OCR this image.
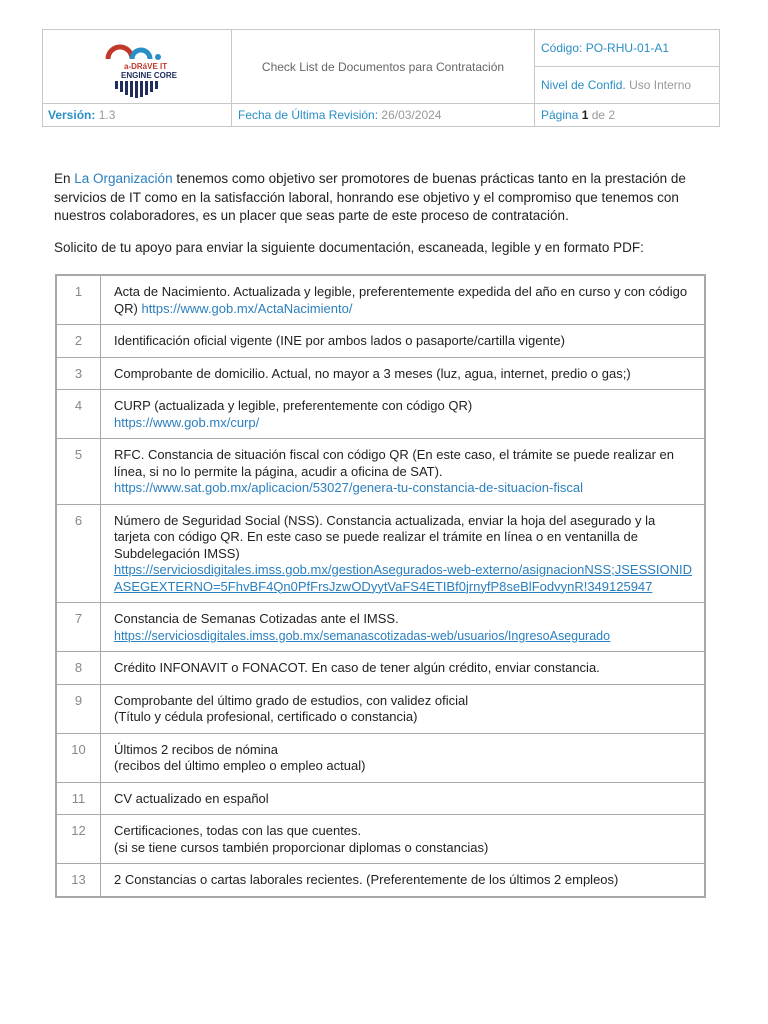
a-DRáVE IT
ENGINE CORE	Check List de Documentos para Contratación	Código: PO-RHU-01-A1
		Nivel de Confid. Uso Interno
Versión: 1.3	Fecha de Última Revisión: 26/03/2024	Página 1 de 2

En La Organización tenemos como objetivo ser promotores de buenas prácticas tanto en la prestación de servicios de IT como en la satisfacción laboral, honrando ese objetivo y el compromiso que tenemos con nuestros colaboradores, es un placer que seas parte de este proceso de contratación.

Solicito de tu apoyo para enviar la siguiente documentación, escaneada, legible y en formato PDF:

1	Acta de Nacimiento. Actualizada y legible, preferentemente expedida del año en curso y con código QR) https://www.gob.mx/ActaNacimiento/
2	Identificación oficial vigente (INE por ambos lados o pasaporte/cartilla vigente)
3	Comprobante de domicilio. Actual, no mayor a 3 meses (luz, agua, internet, predio o gas;)
4	CURP (actualizada y legible, preferentemente con código QR)
https://www.gob.mx/curp/

5	RFC. Constancia de situación fiscal con código QR (En este caso, el trámite se puede realizar en línea, si no lo permite la página, acudir a oficina de SAT).
https://www.sat.gob.mx/aplicacion/53027/genera-tu-constancia-de-situacion-fiscal

6	Número de Seguridad Social (NSS). Constancia actualizada, enviar la hoja del asegurado y la tarjeta con código QR. En este caso se puede realizar el trámite en línea o en ventanilla de Subdelegación IMSS)
https://serviciosdigitales.imss.gob.mx/gestionAsegurados-web-externo/asignacionNSS;JSESSIONIDASEGEXTERNO=5FhvBF4Qn0PfFrsJzwODyytVaFS4ETIBf0jrnyfP8seBlFodvynR!349125947

7	Constancia de Semanas Cotizadas ante el IMSS.
https://serviciosdigitales.imss.gob.mx/semanascotizadas-web/usuarios/IngresoAsegurado

8	Crédito INFONAVIT o FONACOT. En caso de tener algún crédito, enviar constancia.
9	Comprobante del último grado de estudios, con validez oficial
(Título y cédula profesional, certificado o constancia)

10	Últimos 2 recibos de nómina
(recibos del último empleo o empleo actual)

11	CV actualizado en español
12	Certificaciones, todas con las que cuentes.
(si se tiene cursos también proporcionar diplomas o constancias)

13	2 Constancias o cartas laborales recientes. (Preferentemente de los últimos 2 empleos)
